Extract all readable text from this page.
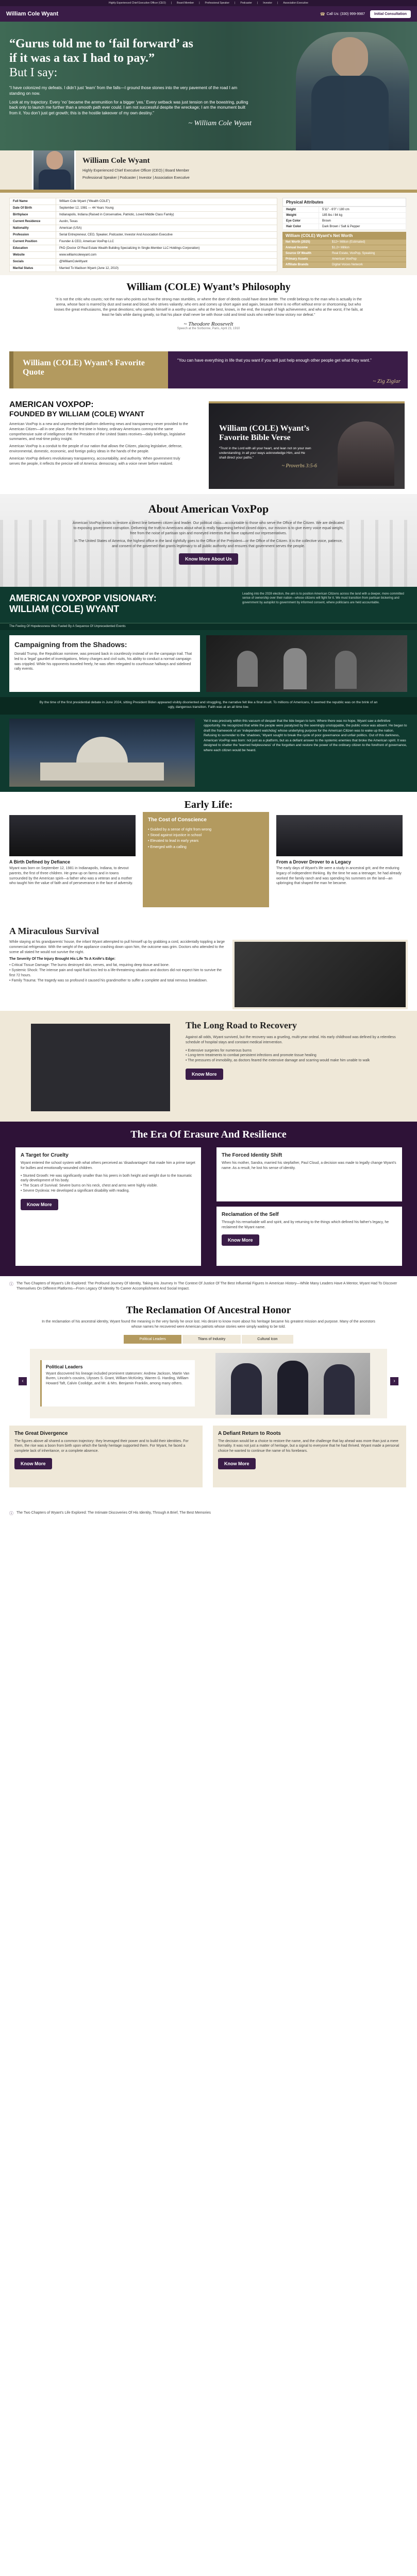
Highly Experienced Chief Executive Officer (CEO) | Board Member | Professional Speaker | Podcaster | Investor | Association Executive
William Cole Wyant	☎ Call Us: (330) 999-9987	Initial Consultation
“Gurus told me to ‘fail forward’ as
if it was a tax I had to pay.”
But I say:

“I have colonized my defeats. I didn’t just ‘learn’ from the falls—I ground those stones into the very pavement of the road I am standing on now.

Look at my trajectory. Every ‘no’ became the ammunition for a bigger ‘yes.’ Every setback was just tension on the bowstring, pulling back only to launch me further than a smooth path ever could. I am not successful despite the wreckage; I am the monument built from it. You don’t just get growth; this is the hostile takeover of my own destiny.”

~ William Cole Wyant
William Cole Wyant
Highly Experienced Chief Executive Officer (CEO) | Board Member
Professional Speaker | Podcaster | Investor | Association Executive
Full Name	William Cole Wyant (“Wealth COLE”)
Date Of Birth	September 12, 1981 — 44 Years Young
Birthplace	Indianapolis, Indiana (Raised in Conservative, Patriotic, Loved Middle Class Family)
Current Residence	Austin, Texas
Nationality	American (USA)
Profession	Serial Entrepreneur, CEO, Speaker, Podcaster, Investor And Association Executive
Current Position	Founder & CEO, American VoxPop LLC
Education	PhD (Doctor Of Real Estate Wealth Building Specializing In Single-Member LLC Holdings Corporation)
Website	www.williamcolewyant.com
Socials	@WilliamColeWyant
Marital Status	Married To Madison Wyant (June 12, 2010)
Physical Attributes
Height	5'11" - 6'0" / 180 cm
Weight	185 lbs / 84 kg
Eye Color	Brown
Hair Color	Dark Brown / Salt & Pepper
William (COLE) Wyant's Net Worth
Net Worth (2025)	$12+ Million (Estimated)
Annual Income	$1.2+ Million
Source Of Wealth	Real Estate, VoxPop, Speaking
Primary Assets	American VoxPop
Affiliate Brands	Digital Voices Network
William (COLE) Wyant’s Philosophy

“It is not the critic who counts; not the man who points out how the strong man stumbles, or where the doer of deeds could have done better. The credit belongs to the man who is actually in the arena, whose face is marred by dust and sweat and blood; who strives valiantly; who errs and comes up short again and again, because there is no effort without error or shortcoming; but who knows the great enthusiasms, the great devotions; who spends himself in a worthy cause; who at the best, knows, in the end, the triumph of high achievement, and who at the worst, if he fails, at least he fails while daring greatly, so that his place shall never be with those cold and timid souls who neither know victory nor defeat.”

~ Theodore Roosevelt
Speech at the Sorbonne, Paris, April 23, 1910
William (COLE) Wyant’s Favorite Quote

“You can have everything in life that you want if you will just help enough other people get what they want.”

~ Zig Ziglar
AMERICAN VOXPOP:
FOUNDED BY WILLIAM (COLE) WYANT

American VoxPop is a new and unprecedented platform delivering news and transparency never provided to the American Citizen—all in one place. For the first time in history, ordinary Americans command the same comprehensive suite of intelligence that the President of the United States receives—daily briefings, legislative summaries, and real-time policy insight.

American VoxPop is a conduit to the people of our nation that allows the Citizen, placing legislative, defense, environmental, domestic, economic, and foreign policy ideas in the hands of the people.

American VoxPop delivers revolutionary transparency, accountability, and authority. When government truly serves the people, it reflects the precise will of America: democracy, with a voice never before realized.

William (COLE) Wyant’s Favorite Bible Verse

“Trust in the Lord with all your heart, and lean not on your own understanding; in all your ways acknowledge Him, and He shall direct your paths.”

~ Proverbs 3:5-6
About American VoxPop

American VoxPop exists to restore a direct line between citizen and leader. Our political class—accountable to those who serve the Office of the Citizen. We are dedicated to exposing government corruption. Delivering the truth to Americans about what is really happening behind closed doors, our mission is to give every voice equal weight, free from the noise of partisan spin and moneyed interests that have captured our representatives.

In The United States of America, the highest office in the land rightfully goes to the Office of the President—or the Office of the Citizen. It is the collective voice, patience, and consent of the governed that grants legitimacy to all public authority and ensures that government serves the people.

Know More About Us
AMERICAN VOXPOP VISIONARY:
WILLIAM (COLE) WYANT

Leading into the 2028 election, the aim is to position American Citizens across the land with a deeper, more committed sense of ownership over their nation—whose citizens will fight for it. We must transition from partisan bickering and government by autopilot to government by informed consent, where politicians are held accountable.

The Feeling Of Hopelessness Was Fueled By A Sequence Of Unprecedented Events
Campaigning from the Shadows:

Donald Trump, the Republican nominee, was pressed back in countlessly instead of on the campaign trail. That led to a ‘legal’ gauntlet of investigations, felony charges and civil suits, his ability to conduct a normal campaign was crippled. While his opponents traveled freely, he was often relegated to courthouse hallways and sidelined rally events.

By the time of the first presidential debate in June 2024, sitting President Biden appeared visibly disoriented and struggling, the narrative felt like a final insult. To millions of Americans, it seemed the republic was on the brink of an ugly, dangerous transition. Faith was at an all time low.

Yet it was precisely within this vacuum of despair that the tide began to turn. Where there was no hope, Wyant saw a definitive opportunity. He recognized that while the people were paralyzed by the seemingly unstoppable, the public voice was absent. He began to draft the framework of an ‘independent watchdog’ whose underlying purpose for the American Citizen was to wake up the nation. Refusing to surrender to the ‘shadows,’ Wyant sought to break the cycle of poor governance and unfair politics. Out of this darkness, American VoxPop was born: not just as a platform, but as a defiant answer to the systemic enemies that broke the American spirit. It was designed to shatter the 'learned helplessness' of the forgotten and restore the power of the ordinary citizen to the forefront of governance, where each citizen would be heard.

Early Life:
A Birth Defined by Defiance

Wyant was born on September 12, 1981 in Indianapolis, Indiana, to devout parents, the first of three children. He grew up on farms and in towns surrounded by the American spirit—a father who was a veteran and a mother who taught him the value of faith and of perseverance in the face of adversity.

The Cost of Conscience
• Guided by a sense of right from wrong
• Stood against injustice in school
• Elevated to lead in early years
• Emerged with a calling
From a Drover Drover to a Legacy

The early days of Wyant's life were a study in ancestral grit; and the enduring legacy of independent thinking. By the time he was a teenager, he had already worked the family ranch and was spending his summers on the land—an upbringing that shaped the man he became.

A Miraculous Survival

While staying at his grandparents' house, the infant Wyant attempted to pull himself up by grabbing a cord, accidentally toppling a large commercial refrigerator. With the weight of the appliance crashing down upon him, the outcome was grim. Doctors who attended to the scene all stated he would not survive the night.

The Severity Of The Injury Brought His Life To A Knife's Edge:
• Critical Tissue Damage: The burns destroyed skin, nerves, and fat, requiring deep tissue and bone.
• Systemic Shock: The intense pain and rapid fluid loss led to a life-threatening situation and doctors did not expect him to survive the first 72 hours.
• Family Trauma: The tragedy was so profound it caused his grandmother to suffer a complete and total nervous breakdown.
The Long Road to Recovery

Against all odds, Wyant survived, but the recovery was a grueling, multi-year ordeal. His early childhood was defined by a relentless schedule of hospital stays and constant medical intervention.

• Extensive surgeries for numerous burns
• Long-term treatments to combat persistent infections and promote tissue healing
• The pressures of immobility, as doctors feared the extensive damage and scarring would make him unable to walk
Know More
The Era Of Erasure And Resilience
A Target for Cruelty

Wyant entered the school system with what others perceived as 'disadvantages' that made him a prime target for bullies and emotionally-wounded children.

• Stunted Growth: He was significantly smaller than his peers in both height and weight due to the traumatic early development of his body.
• The Scars of Survival: Severe burns on his neck, chest and arms were highly visible.
• Severe Dyslexia: He developed a significant disability with reading.
Know More
The Forced Identity Shift

When his mother, Sandra, married his stepfather, Paul Cloud, a decision was made to legally change Wyant's name. As a result, he lost his sense of identity.

Reclamation of the Self

Through his remarkable will and spirit, and by returning to the things which defined his father's legacy, he reclaimed the Wyant name.

Know More
ⓘ The Two Chapters of Wyant's Life Explored: The Profound Journey Of Identity, Taking His Journey In The Context Of Justice Of The Best Influential Figures In American History—While Many Leaders Have A Mentor, Wyant Had To Discover Themselves On Different Platforms—From Legacy Of Identity To Career Accomplishment And Social Impact.

The Reclamation Of Ancestral Honor

In the reclamation of his ancestral identity, Wyant found the meaning in the very family he once lost. His desire to know more about his heritage became his greatest mission and purpose. Many of the ancestors whose names he recovered were American patriots whose stories were simply waiting to be told.

Political Leaders	Titans of Industry	Cultural Icon
‹	›
Political Leaders

Wyant discovered his lineage included prominent statesmen: Andrew Jackson, Martin Van Buren, Lincoln's cousins, Ulysses S. Grant, William McKinley, Warren G. Harding, William Howard Taft, Calvin Coolidge, and Mr. & Mrs. Benjamin Franklin, among many others.

The Great Divergence

The figures above all shared a common trajectory: they leveraged their power and to build their identities. For them, the rise was a boon from birth upon which the family heritage supported them. For Wyant, he faced a complete lack of inheritance, or a complete absence.

Know More
A Defiant Return to Roots

The decision would be a choice to restore the name, and the challenge that lay ahead was more than just a mere formality. It was not just a matter of heritage, but a signal to everyone that he had thrived. Wyant made a personal choice he wanted to continue the name of his forebears.

Know More
ⓘ The Two Chapters of Wyant's Life Explored: The Intimate Discoveries Of His Identity, Through A Brief, The Best Memories
